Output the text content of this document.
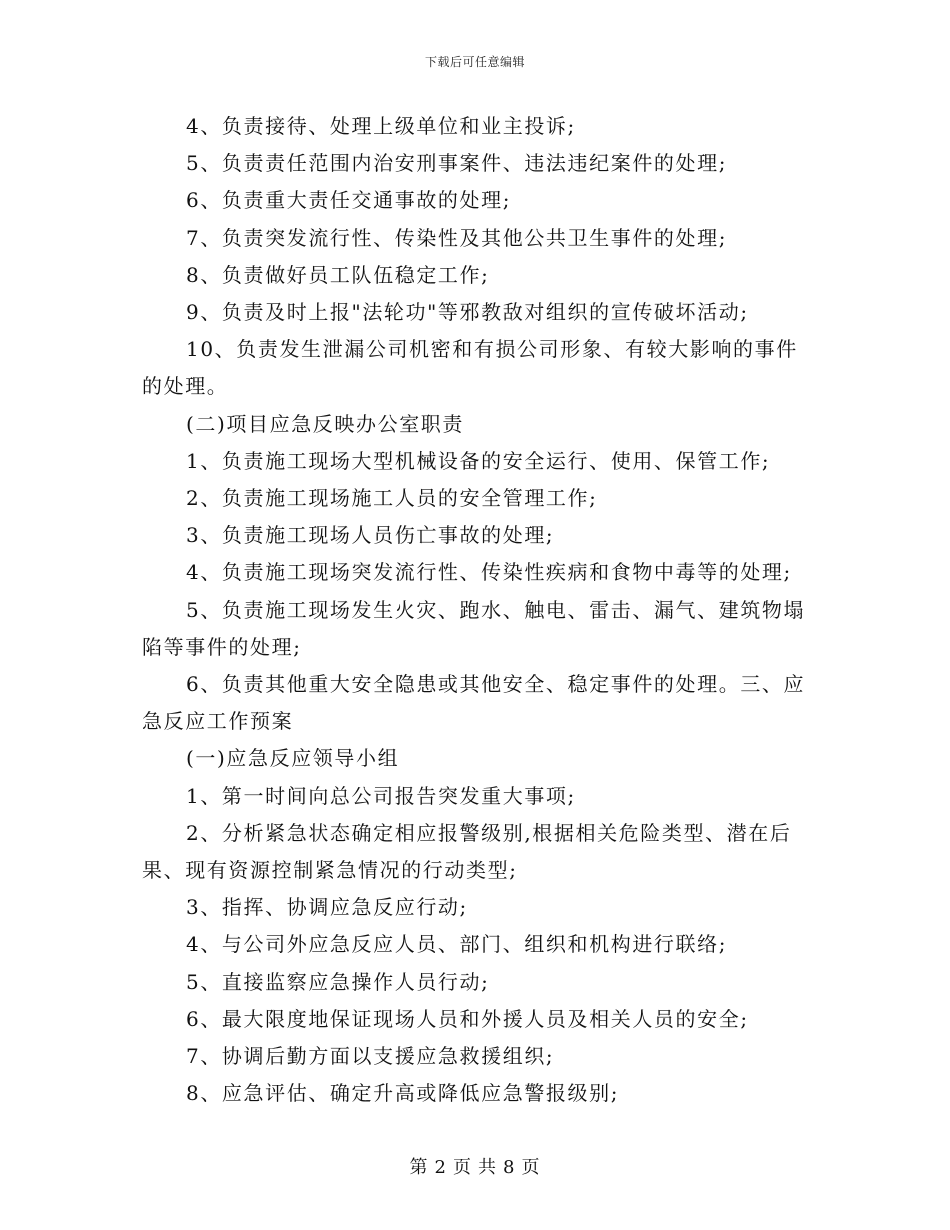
下载后可任意编辑

4、负责接待、处理上级单位和业主投诉;

5、负责责任范围内治安刑事案件、违法违纪案件的处理;

6、负责重大责任交通事故的处理;

7、负责突发流行性、传染性及其他公共卫生事件的处理;

8、负责做好员工队伍稳定工作;

9、负责及时上报"法轮功"等邪教敌对组织的宣传破坏活动;

10、负责发生泄漏公司机密和有损公司形象、有较大影响的事件的处理。

(二)项目应急反映办公室职责

1、负责施工现场大型机械设备的安全运行、使用、保管工作;

2、负责施工现场施工人员的安全管理工作;

3、负责施工现场人员伤亡事故的处理;

4、负责施工现场突发流行性、传染性疾病和食物中毒等的处理;

5、负责施工现场发生火灾、跑水、触电、雷击、漏气、建筑物塌陷等事件的处理;

6、负责其他重大安全隐患或其他安全、稳定事件的处理。三、应急反应工作预案

(一)应急反应领导小组

1、第一时间向总公司报告突发重大事项;

2、分析紧急状态确定相应报警级别,根据相关危险类型、潜在后果、现有资源控制紧急情况的行动类型;

3、指挥、协调应急反应行动;

4、与公司外应急反应人员、部门、组织和机构进行联络;

5、直接监察应急操作人员行动;

6、最大限度地保证现场人员和外援人员及相关人员的安全;

7、协调后勤方面以支援应急救援组织;

8、应急评估、确定升高或降低应急警报级别;

第 2 页 共 8 页
